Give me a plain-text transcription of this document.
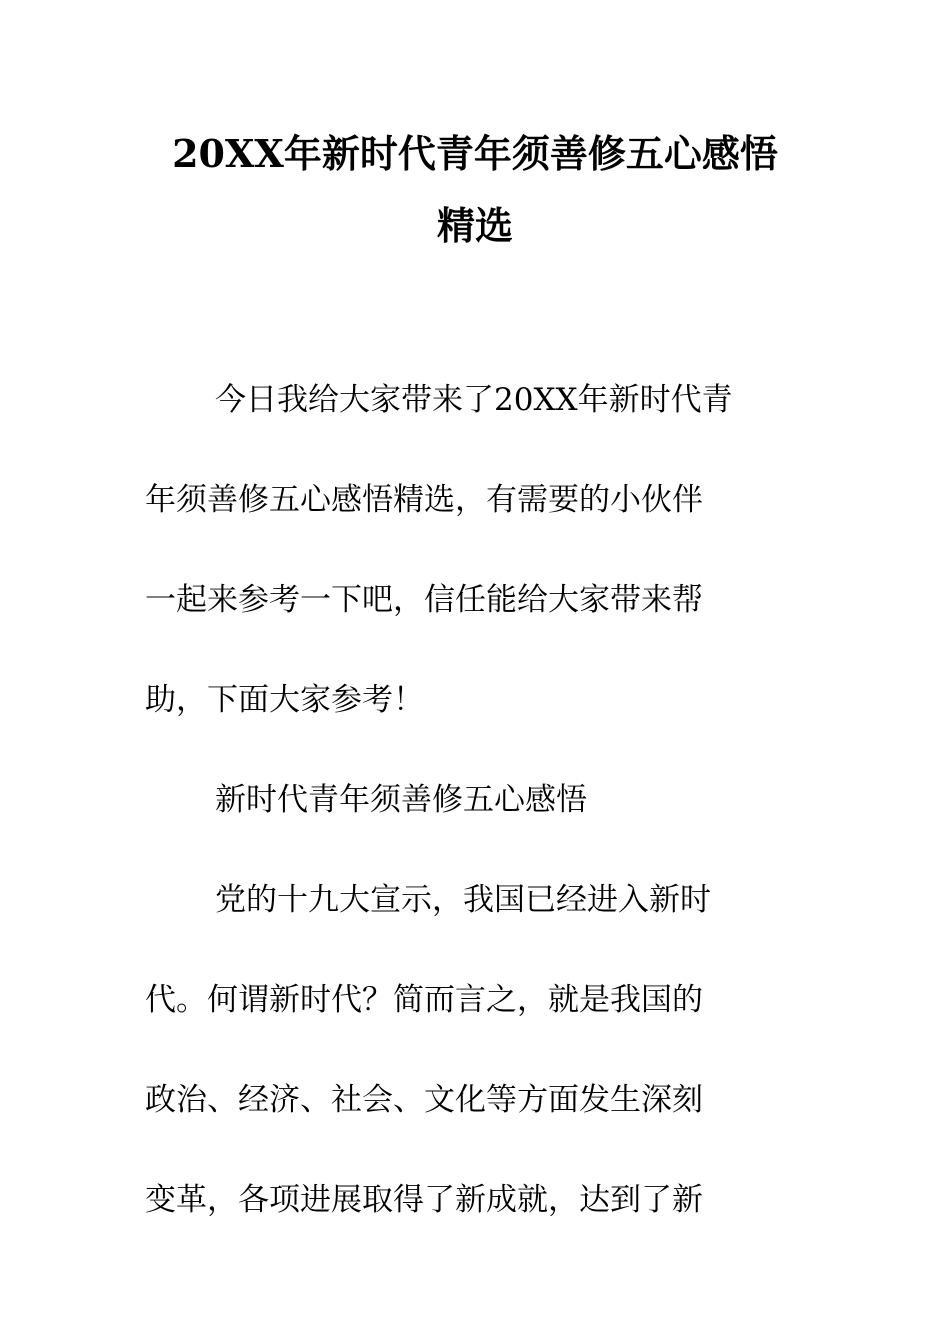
20XX年新时代青年须善修五心感悟
精选
今日我给大家带来了20XX年新时代青
年须善修五心感悟精选，有需要的小伙伴
一起来参考一下吧，信任能给大家带来帮
助，下面大家参考！
新时代青年须善修五心感悟
党的十九大宣示，我国已经进入新时
代。何谓新时代？简而言之，就是我国的
政治、经济、社会、文化等方面发生深刻
变革，各项进展取得了新成就，达到了新
